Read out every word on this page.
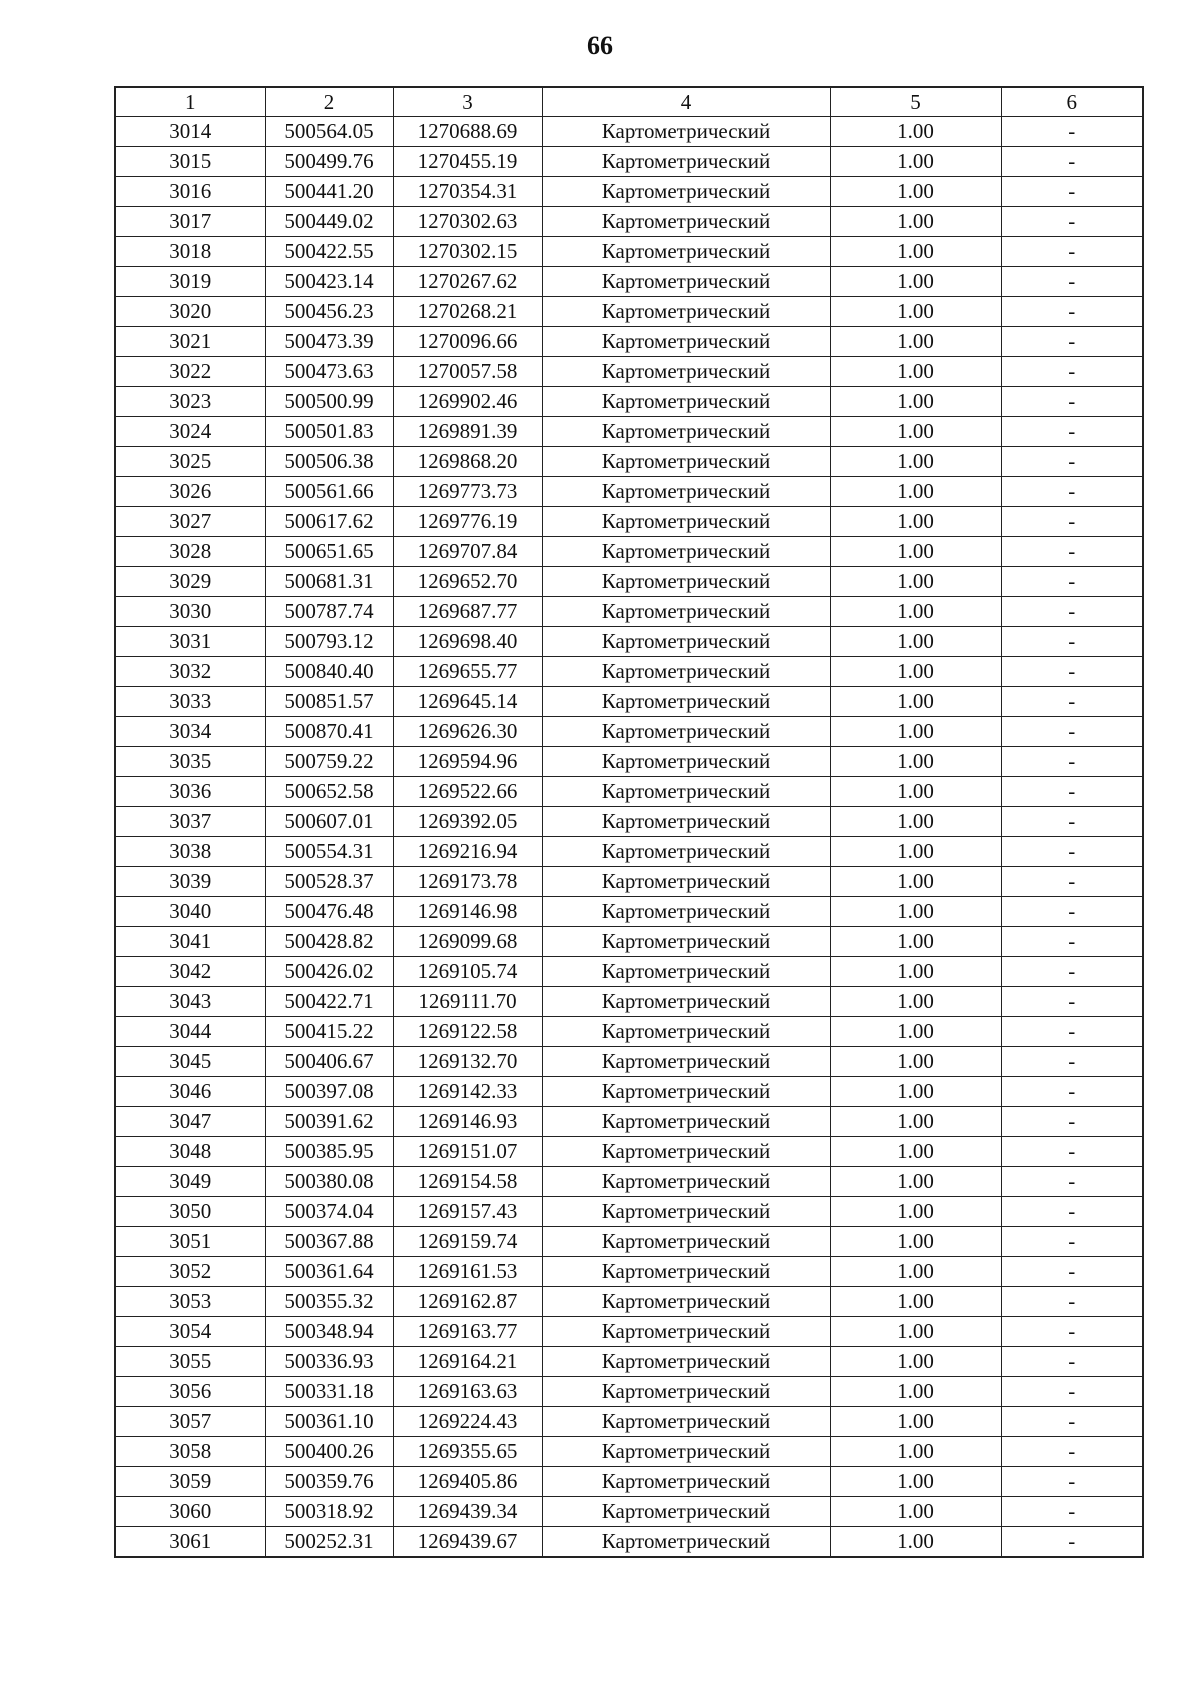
66
1	2	3	4	5	6
3014	500564.05	1270688.69	Картометрический	1.00	-
3015	500499.76	1270455.19	Картометрический	1.00	-
3016	500441.20	1270354.31	Картометрический	1.00	-
3017	500449.02	1270302.63	Картометрический	1.00	-
3018	500422.55	1270302.15	Картометрический	1.00	-
3019	500423.14	1270267.62	Картометрический	1.00	-
3020	500456.23	1270268.21	Картометрический	1.00	-
3021	500473.39	1270096.66	Картометрический	1.00	-
3022	500473.63	1270057.58	Картометрический	1.00	-
3023	500500.99	1269902.46	Картометрический	1.00	-
3024	500501.83	1269891.39	Картометрический	1.00	-
3025	500506.38	1269868.20	Картометрический	1.00	-
3026	500561.66	1269773.73	Картометрический	1.00	-
3027	500617.62	1269776.19	Картометрический	1.00	-
3028	500651.65	1269707.84	Картометрический	1.00	-
3029	500681.31	1269652.70	Картометрический	1.00	-
3030	500787.74	1269687.77	Картометрический	1.00	-
3031	500793.12	1269698.40	Картометрический	1.00	-
3032	500840.40	1269655.77	Картометрический	1.00	-
3033	500851.57	1269645.14	Картометрический	1.00	-
3034	500870.41	1269626.30	Картометрический	1.00	-
3035	500759.22	1269594.96	Картометрический	1.00	-
3036	500652.58	1269522.66	Картометрический	1.00	-
3037	500607.01	1269392.05	Картометрический	1.00	-
3038	500554.31	1269216.94	Картометрический	1.00	-
3039	500528.37	1269173.78	Картометрический	1.00	-
3040	500476.48	1269146.98	Картометрический	1.00	-
3041	500428.82	1269099.68	Картометрический	1.00	-
3042	500426.02	1269105.74	Картометрический	1.00	-
3043	500422.71	1269111.70	Картометрический	1.00	-
3044	500415.22	1269122.58	Картометрический	1.00	-
3045	500406.67	1269132.70	Картометрический	1.00	-
3046	500397.08	1269142.33	Картометрический	1.00	-
3047	500391.62	1269146.93	Картометрический	1.00	-
3048	500385.95	1269151.07	Картометрический	1.00	-
3049	500380.08	1269154.58	Картометрический	1.00	-
3050	500374.04	1269157.43	Картометрический	1.00	-
3051	500367.88	1269159.74	Картометрический	1.00	-
3052	500361.64	1269161.53	Картометрический	1.00	-
3053	500355.32	1269162.87	Картометрический	1.00	-
3054	500348.94	1269163.77	Картометрический	1.00	-
3055	500336.93	1269164.21	Картометрический	1.00	-
3056	500331.18	1269163.63	Картометрический	1.00	-
3057	500361.10	1269224.43	Картометрический	1.00	-
3058	500400.26	1269355.65	Картометрический	1.00	-
3059	500359.76	1269405.86	Картометрический	1.00	-
3060	500318.92	1269439.34	Картометрический	1.00	-
3061	500252.31	1269439.67	Картометрический	1.00	-
